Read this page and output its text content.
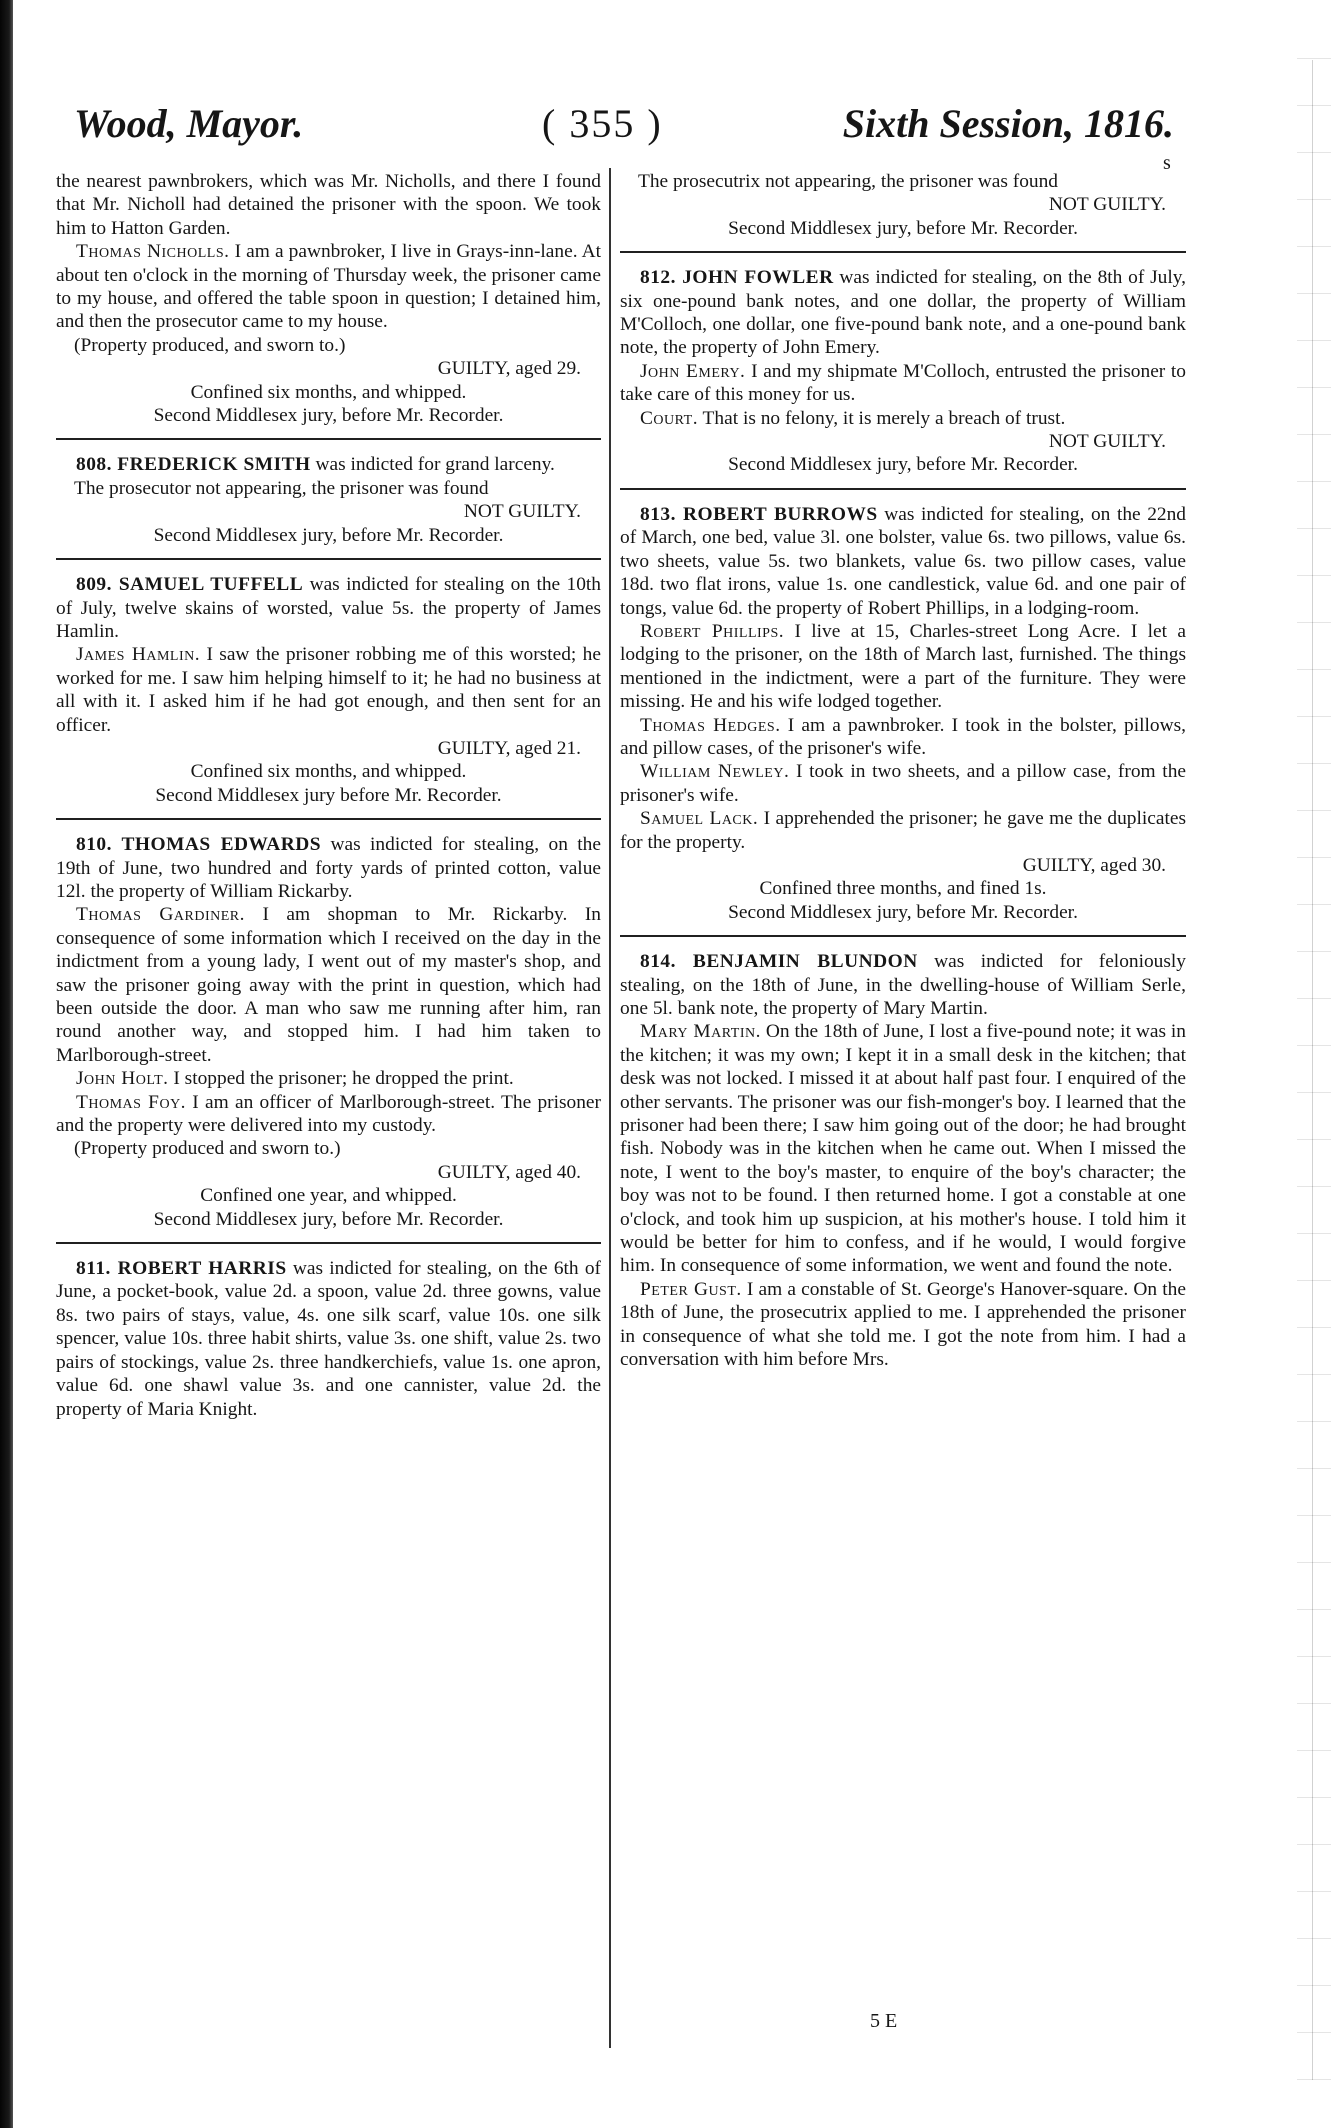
Wood, Mayor.	( 355 )	Sixth Session, 1816.
s

the nearest pawnbrokers, which was Mr. Nicholls, and there I found that Mr. Nicholl had detained the prisoner with the spoon. We took him to Hatton Garden.

Thomas Nicholls. I am a pawnbroker, I live in Grays-inn-lane. At about ten o'clock in the morning of Thursday week, the prisoner came to my house, and offered the table spoon in question; I detained him, and then the prosecutor came to my house.

(Property produced, and sworn to.)

GUILTY, aged 29.

Confined six months, and whipped.

Second Middlesex jury, before Mr. Recorder.

808. FREDERICK SMITH was indicted for grand larceny.

The prosecutor not appearing, the prisoner was found

NOT GUILTY.

Second Middlesex jury, before Mr. Recorder.

809. SAMUEL TUFFELL was indicted for stealing on the 10th of July, twelve skains of worsted, value 5s. the property of James Hamlin.

James Hamlin. I saw the prisoner robbing me of this worsted; he worked for me. I saw him helping himself to it; he had no business at all with it. I asked him if he had got enough, and then sent for an officer.

GUILTY, aged 21.

Confined six months, and whipped.

Second Middlesex jury before Mr. Recorder.

810. THOMAS EDWARDS was indicted for stealing, on the 19th of June, two hundred and forty yards of printed cotton, value 12l. the property of William Rickarby.

Thomas Gardiner. I am shopman to Mr. Rickarby. In consequence of some information which I received on the day in the indictment from a young lady, I went out of my master's shop, and saw the prisoner going away with the print in question, which had been outside the door. A man who saw me running after him, ran round another way, and stopped him. I had him taken to Marlborough-street.

John Holt. I stopped the prisoner; he dropped the print.

Thomas Foy. I am an officer of Marlborough-street. The prisoner and the property were delivered into my custody.

(Property produced and sworn to.)

GUILTY, aged 40.

Confined one year, and whipped.

Second Middlesex jury, before Mr. Recorder.

811. ROBERT HARRIS was indicted for stealing, on the 6th of June, a pocket-book, value 2d. a spoon, value 2d. three gowns, value 8s. two pairs of stays, value, 4s. one silk scarf, value 10s. one silk spencer, value 10s. three habit shirts, value 3s. one shift, value 2s. two pairs of stockings, value 2s. three handkerchiefs, value 1s. one apron, value 6d. one shawl value 3s. and one cannister, value 2d. the property of Maria Knight.

The prosecutrix not appearing, the prisoner was found

NOT GUILTY.

Second Middlesex jury, before Mr. Recorder.

812. JOHN FOWLER was indicted for stealing, on the 8th of July, six one-pound bank notes, and one dollar, the property of William M'Colloch, one dollar, one five-pound bank note, and a one-pound bank note, the property of John Emery.

John Emery. I and my shipmate M'Colloch, entrusted the prisoner to take care of this money for us.

Court. That is no felony, it is merely a breach of trust.

NOT GUILTY.

Second Middlesex jury, before Mr. Recorder.

813. ROBERT BURROWS was indicted for stealing, on the 22nd of March, one bed, value 3l. one bolster, value 6s. two pillows, value 6s. two sheets, value 5s. two blankets, value 6s. two pillow cases, value 18d. two flat irons, value 1s. one candlestick, value 6d. and one pair of tongs, value 6d. the property of Robert Phillips, in a lodging-room.

Robert Phillips. I live at 15, Charles-street Long Acre. I let a lodging to the prisoner, on the 18th of March last, furnished. The things mentioned in the indictment, were a part of the furniture. They were missing. He and his wife lodged together.

Thomas Hedges. I am a pawnbroker. I took in the bolster, pillows, and pillow cases, of the prisoner's wife.

William Newley. I took in two sheets, and a pillow case, from the prisoner's wife.

Samuel Lack. I apprehended the prisoner; he gave me the duplicates for the property.

GUILTY, aged 30.

Confined three months, and fined 1s.

Second Middlesex jury, before Mr. Recorder.

814. BENJAMIN BLUNDON was indicted for feloniously stealing, on the 18th of June, in the dwelling-house of William Serle, one 5l. bank note, the property of Mary Martin.

Mary Martin. On the 18th of June, I lost a five-pound note; it was in the kitchen; it was my own; I kept it in a small desk in the kitchen; that desk was not locked. I missed it at about half past four. I enquired of the other servants. The prisoner was our fish-monger's boy. I learned that the prisoner had been there; I saw him going out of the door; he had brought fish. Nobody was in the kitchen when he came out. When I missed the note, I went to the boy's master, to enquire of the boy's character; the boy was not to be found. I then returned home. I got a constable at one o'clock, and took him up suspicion, at his mother's house. I told him it would be better for him to confess, and if he would, I would forgive him. In consequence of some information, we went and found the note.

Peter Gust. I am a constable of St. George's Hanover-square. On the 18th of June, the prosecutrix applied to me. I apprehended the prisoner in consequence of what she told me. I got the note from him. I had a conversation with him before Mrs.

5 E
